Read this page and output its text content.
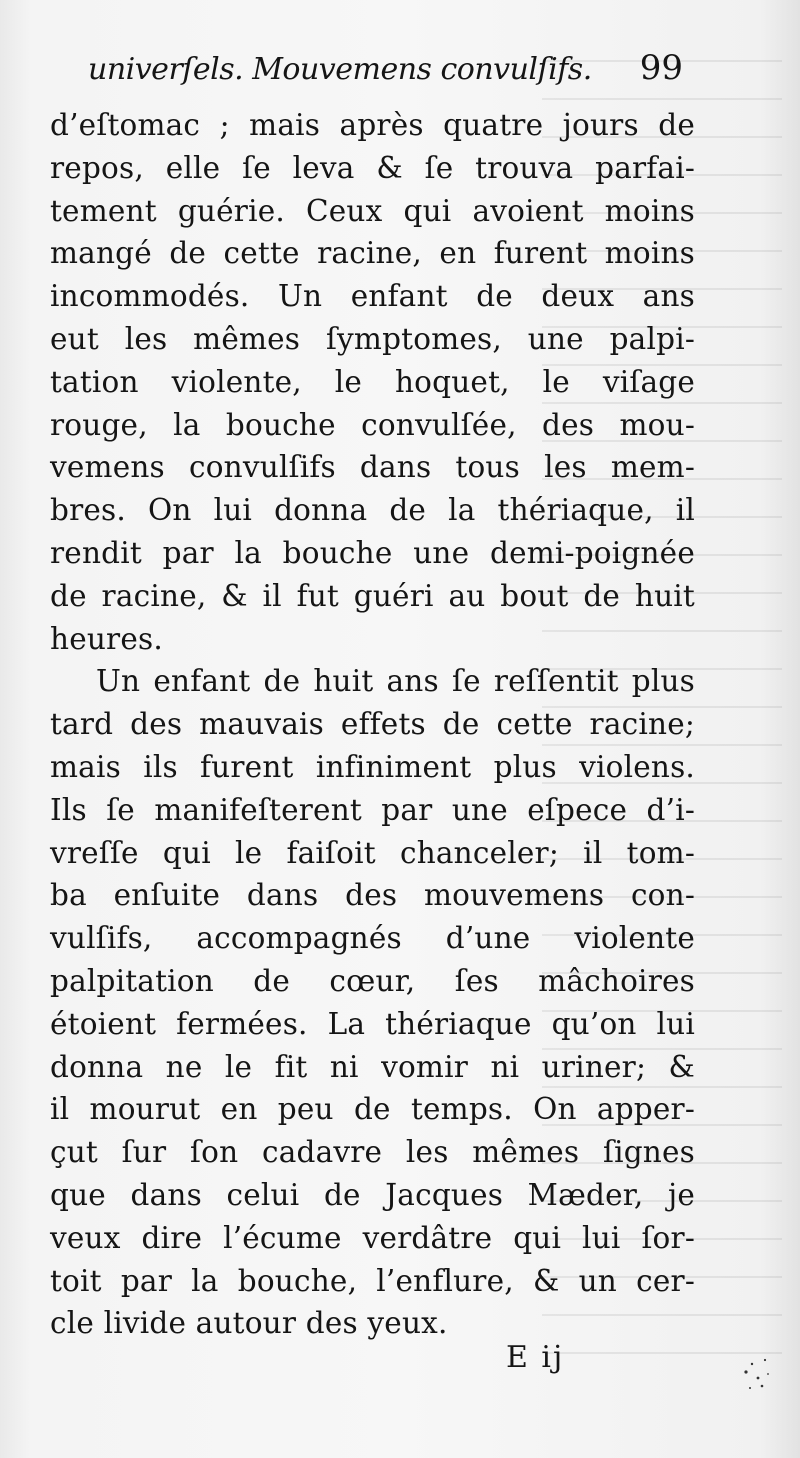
univerſels. Mouvemens convulſifs. 99
d’eſtomac ; mais après quatre jours de
repos, elle ſe leva & ſe trouva parfai-
tement guérie. Ceux qui avoient moins
mangé de cette racine, en furent moins
incommodés. Un enfant de deux ans
eut les mêmes ſymptomes, une palpi-
tation violente, le hoquet, le viſage
rouge, la bouche convulſée, des mou-
vemens convulſifs dans tous les mem-
bres. On lui donna de la thériaque, il
rendit par la bouche une demi-poignée
de racine, & il fut guéri au bout de huit
heures.
Un enfant de huit ans ſe reſſentit plus
tard des mauvais effets de cette racine;
mais ils furent infiniment plus violens.
Ils ſe manifeſterent par une eſpece d’i-
vreſſe qui le faiſoit chanceler; il tom-
ba enſuite dans des mouvemens con-
vulſifs, accompagnés d’une violente
palpitation de cœur, ſes mâchoires
étoient fermées. La thériaque qu’on lui
donna ne le fit ni vomir ni uriner; &
il mourut en peu de temps. On apper-
çut ſur ſon cadavre les mêmes ſignes
que dans celui de Jacques Mæder, je
veux dire l’écume verdâtre qui lui ſor-
toit par la bouche, l’enflure, & un cer-
cle livide autour des yeux.
E ij
